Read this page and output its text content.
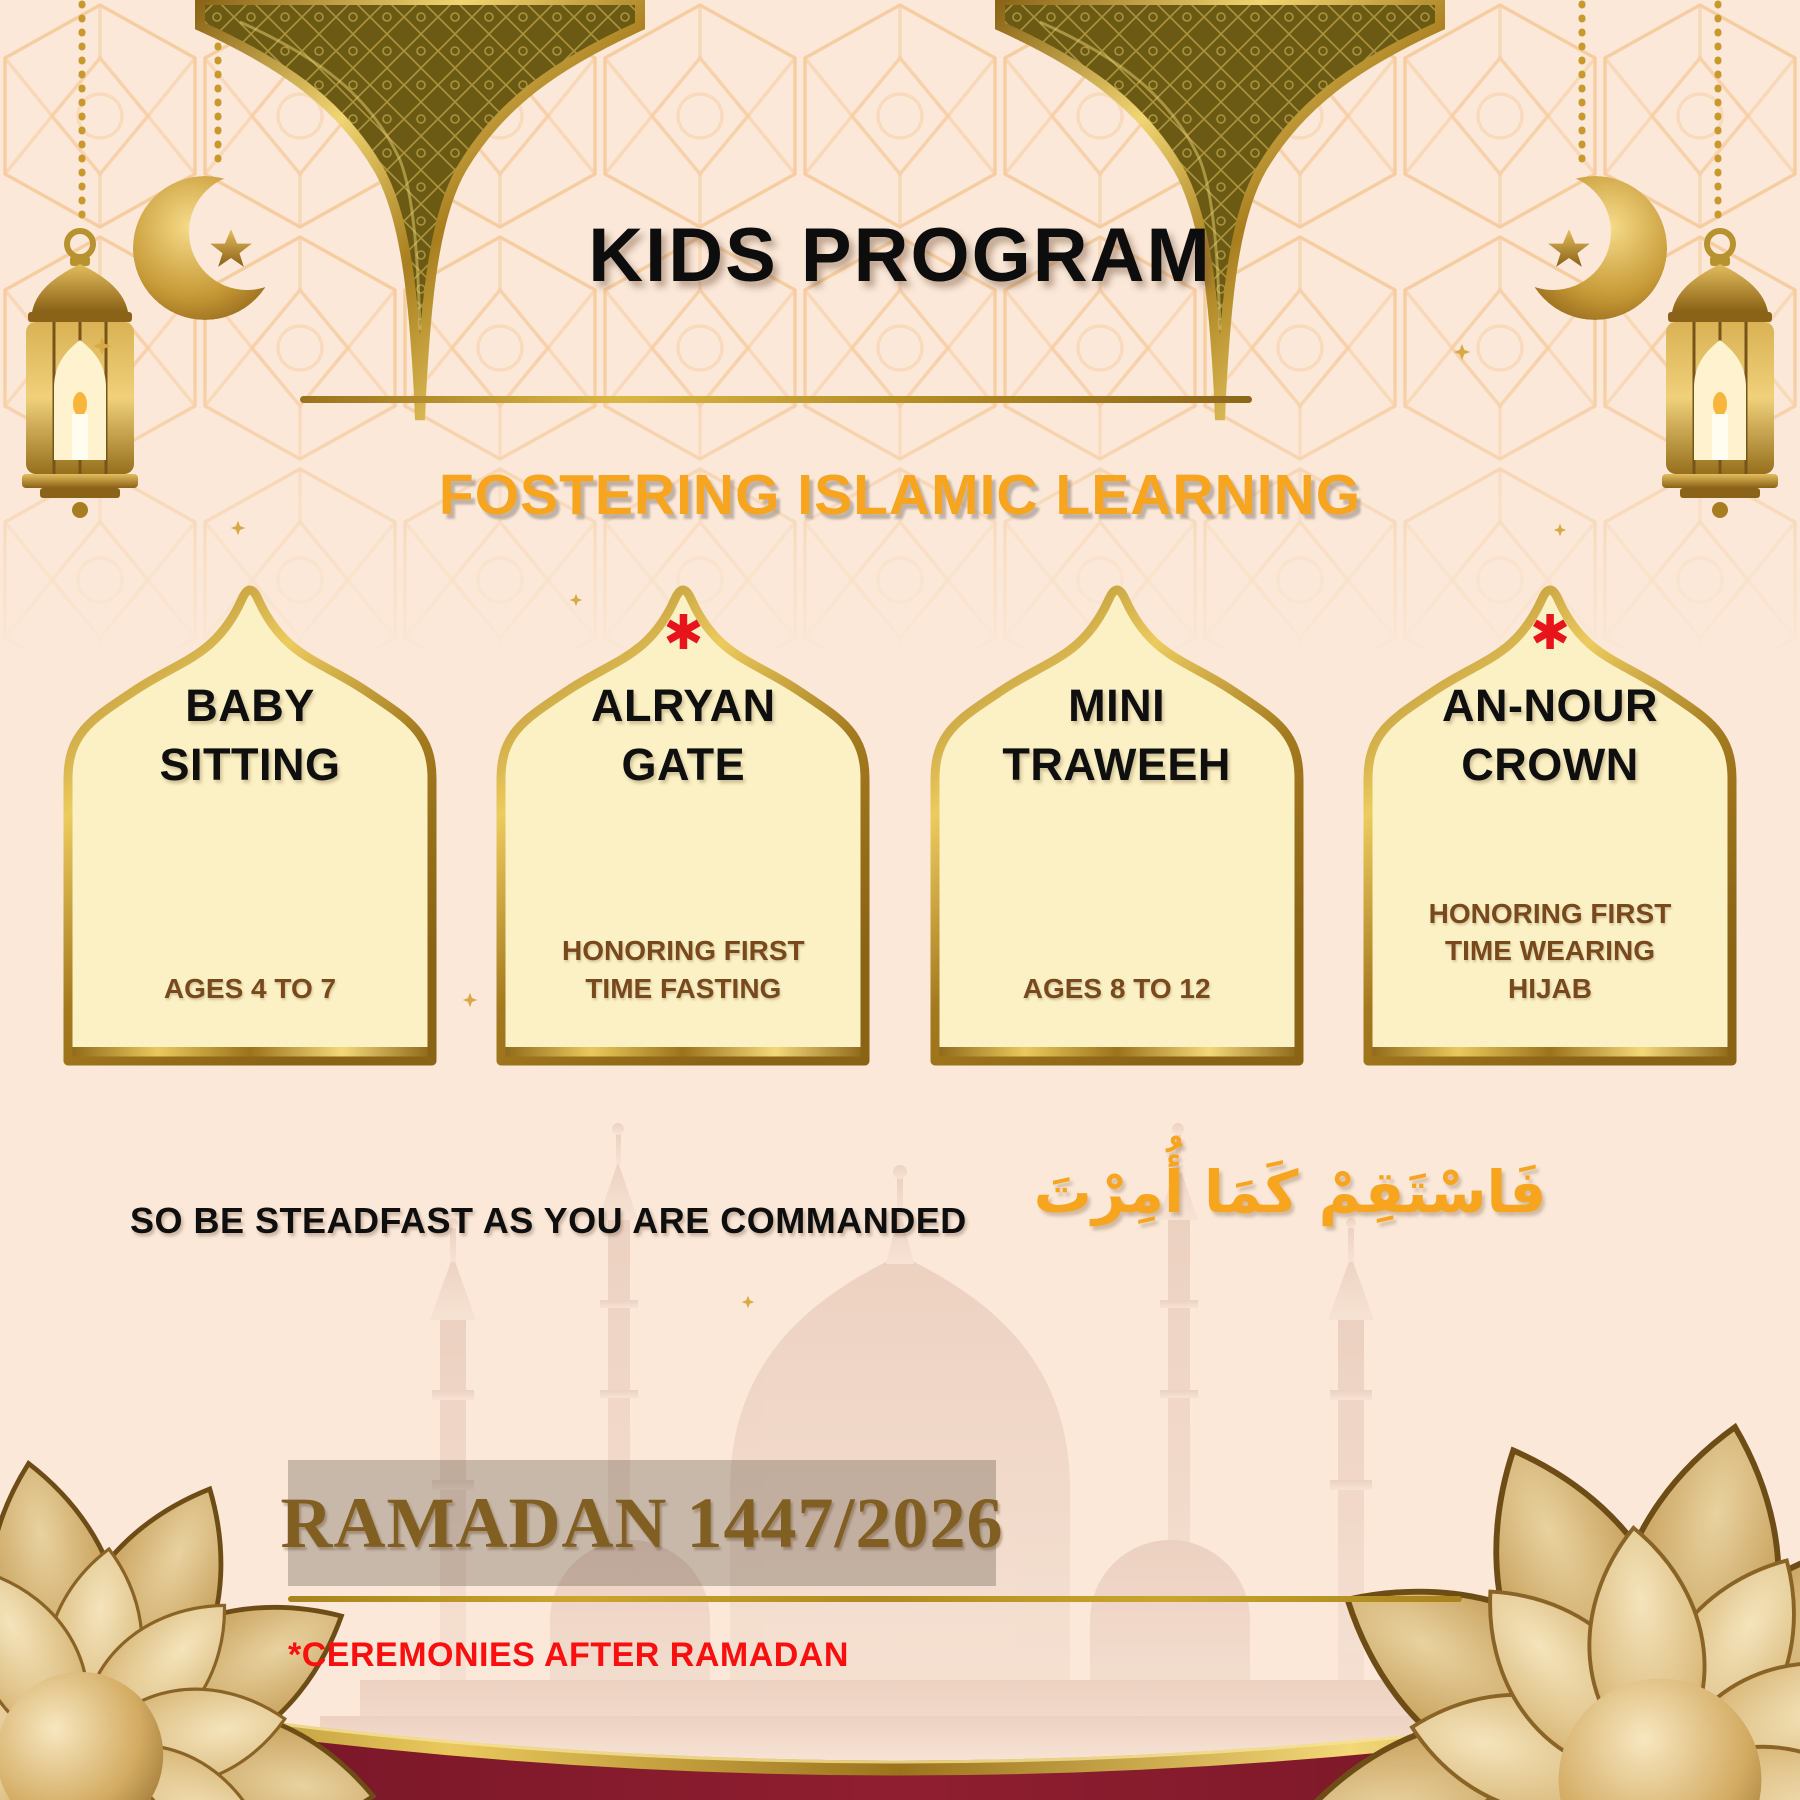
KIDS PROGRAM
FOSTERING ISLAMIC LEARNING
BABY SITTING
AGES 4 TO 7
✱
ALRYAN GATE
HONORING FIRST TIME FASTING
MINI TRAWEEH
AGES 8 TO 12
✱
AN-NOUR CROWN
HONORING FIRST TIME WEARING HIJAB
SO BE STEADFAST AS YOU ARE COMMANDED فَاسْتَقِمْ كَمَا أُمِرْتَ
RAMADAN 1447/2026
*CEREMONIES AFTER RAMADAN
